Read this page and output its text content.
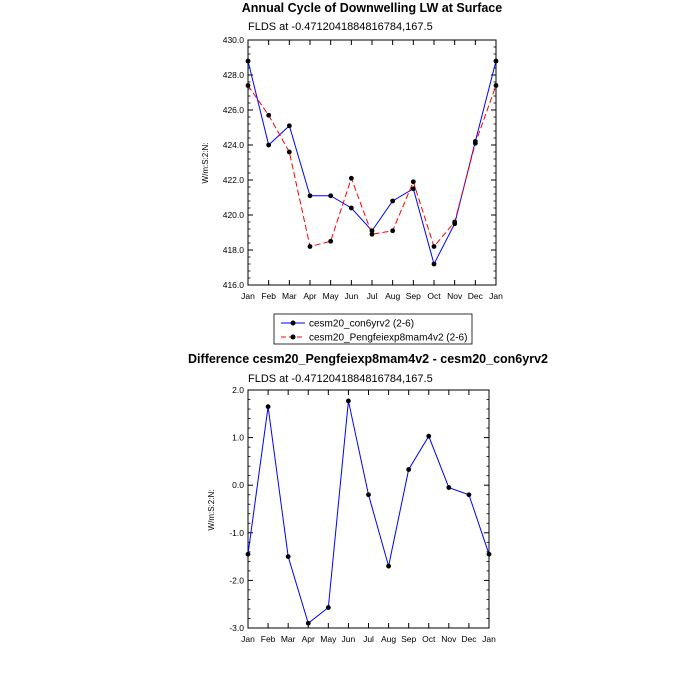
Annual Cycle of Downwelling LW at Surface
FLDS at -0.4712041884816784,167.5
W/m:S:2:N:
416.0
418.0
420.0
422.0
424.0
426.0
428.0
430.0
Jan Feb Mar Apr May Jun Jul Aug Sep Oct Nov Dec Jan
cesm20_con6yrv2 (2-6)
cesm20_Pengfeiexp8mam4v2 (2-6)
Difference cesm20_Pengfeiexp8mam4v2 - cesm20_con6yrv2
FLDS at -0.4712041884816784,167.5
W/m:S:2:N:
-3.0
-2.0
-1.0
0.0
1.0
2.0
Jan Feb Mar Apr May Jun Jul Aug Sep Oct Nov Dec Jan
